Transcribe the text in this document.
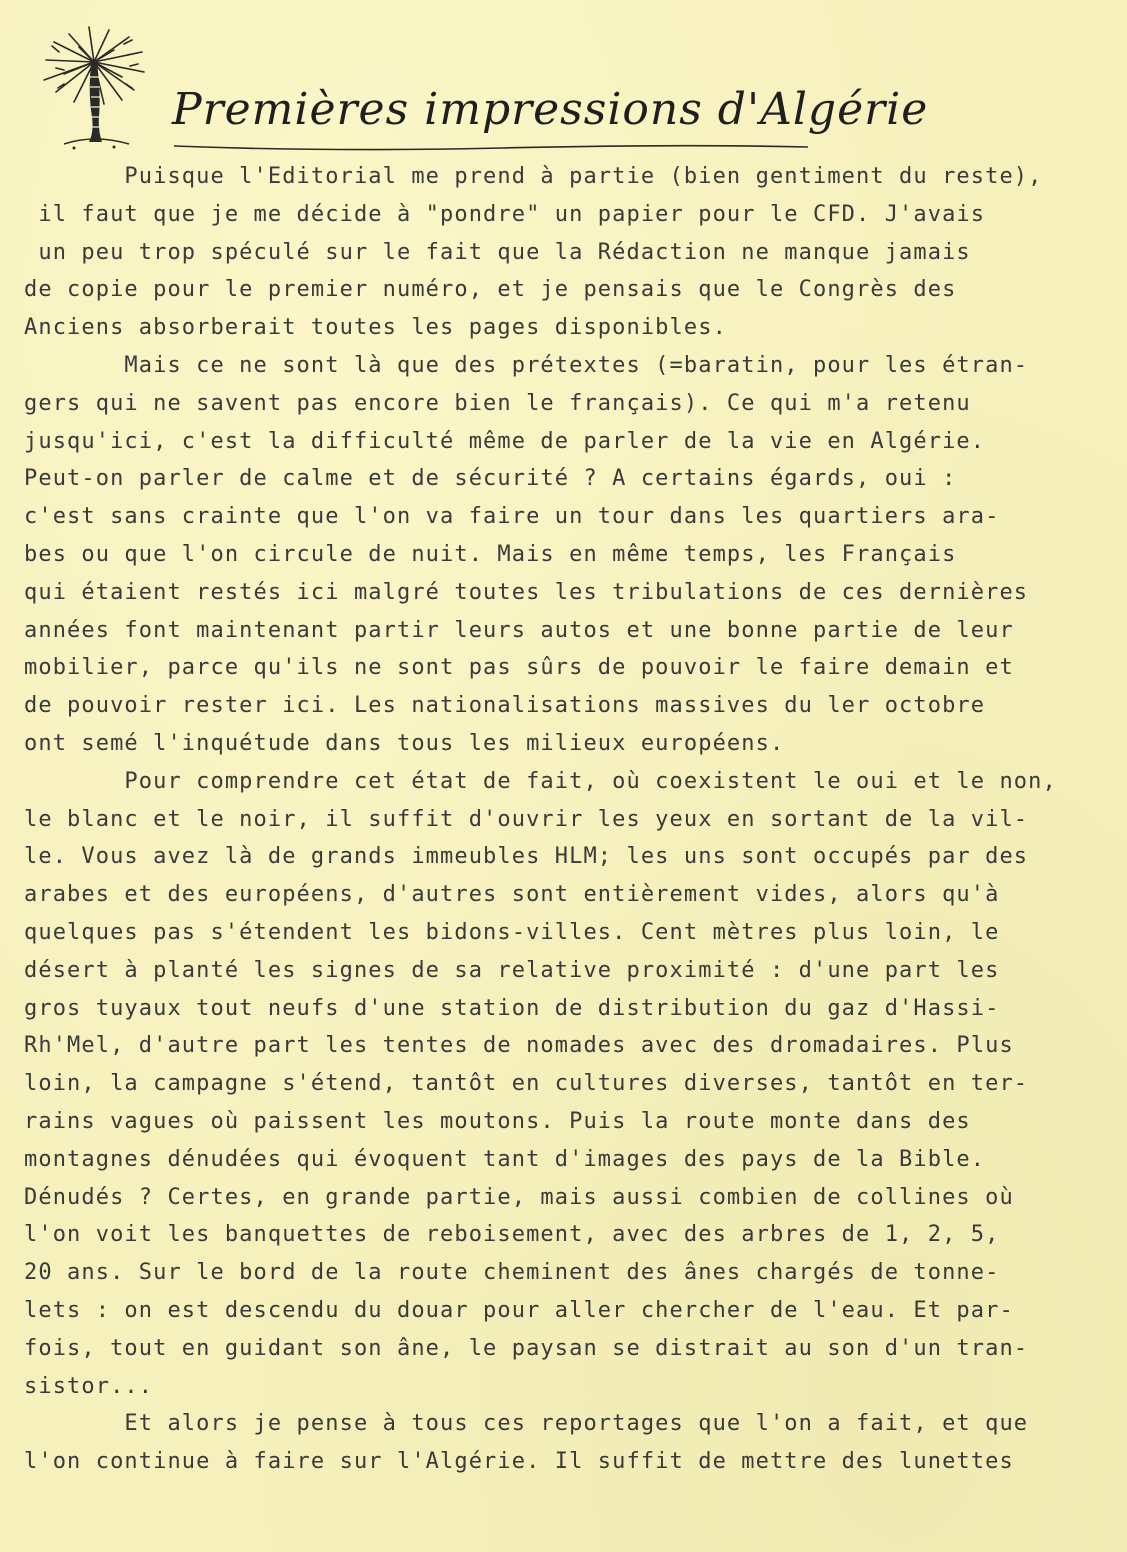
Premières impressions d'Algérie
Puisque l'Editorial me prend à partie (bien gentiment du reste),
il faut que je me décide à "pondre" un papier pour le CFD. J'avais
un peu trop spéculé sur le fait que la Rédaction ne manque jamais
de copie pour le premier numéro, et je pensais que le Congrès des
Anciens absorberait toutes les pages disponibles.
Mais ce ne sont là que des prétextes (=baratin, pour les étran-
gers qui ne savent pas encore bien le français). Ce qui m'a retenu
jusqu'ici, c'est la difficulté même de parler de la vie en Algérie.
Peut-on parler de calme et de sécurité ? A certains égards, oui :
c'est sans crainte que l'on va faire un tour dans les quartiers ara-
bes ou que l'on circule de nuit. Mais en même temps, les Français
qui étaient restés ici malgré toutes les tribulations de ces dernières
années font maintenant partir leurs autos et une bonne partie de leur
mobilier, parce qu'ils ne sont pas sûrs de pouvoir le faire demain et
de pouvoir rester ici. Les nationalisations massives du ler octobre
ont semé l'inquétude dans tous les milieux européens.
Pour comprendre cet état de fait, où coexistent le oui et le non,
le blanc et le noir, il suffit d'ouvrir les yeux en sortant de la vil-
le. Vous avez là de grands immeubles HLM; les uns sont occupés par des
arabes et des européens, d'autres sont entièrement vides, alors qu'à
quelques pas s'étendent les bidons-villes. Cent mètres plus loin, le
désert à planté les signes de sa relative proximité : d'une part les
gros tuyaux tout neufs d'une station de distribution du gaz d'Hassi-
Rh'Mel, d'autre part les tentes de nomades avec des dromadaires. Plus
loin, la campagne s'étend, tantôt en cultures diverses, tantôt en ter-
rains vagues où paissent les moutons. Puis la route monte dans des
montagnes dénudées qui évoquent tant d'images des pays de la Bible.
Dénudés ? Certes, en grande partie, mais aussi combien de collines où
l'on voit les banquettes de reboisement, avec des arbres de 1, 2, 5,
20 ans. Sur le bord de la route cheminent des ânes chargés de tonne-
lets : on est descendu du douar pour aller chercher de l'eau. Et par-
fois, tout en guidant son âne, le paysan se distrait au son d'un tran-
sistor...
Et alors je pense à tous ces reportages que l'on a fait, et que
l'on continue à faire sur l'Algérie. Il suffit de mettre des lunettes
